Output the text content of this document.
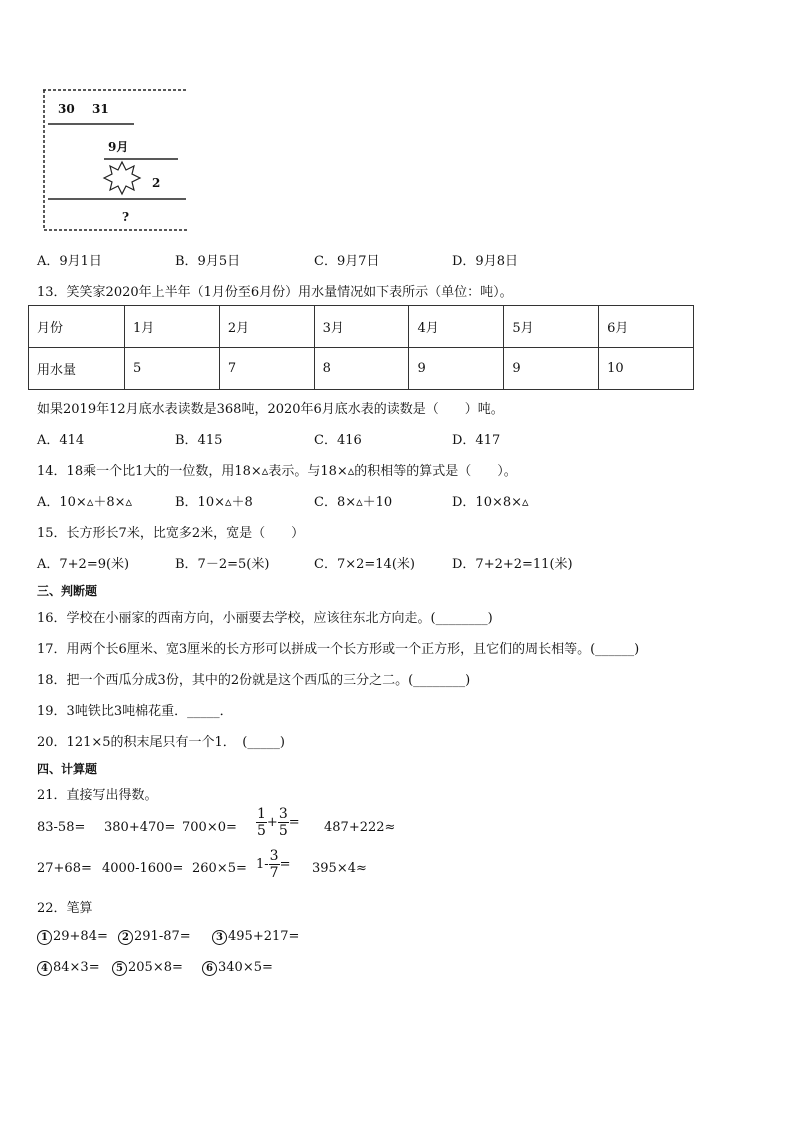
30 31
9月
2
?
A．9月1日	B．9月5日	C．9月7日	D．9月8日
13．笑笑家2020年上半年（1月份至6月份）用水量情况如下表所示（单位：吨）。
月份	1月	2月	3月	4月	5月	6月
用水量	5	7	8	9	9	10
如果2019年12月底水表读数是368吨，2020年6月底水表的读数是（　　）吨。
A．414	B．415	C．416	D．417
14．18乘一个比1大的一位数，用18×▵表示。与18×▵的积相等的算式是（　　）。
A．10×▵＋8×▵	B．10×▵＋8	C．8×▵＋10	D．10×8×▵
15．长方形长7米，比宽多2米，宽是（　　）
A．7+2=9(米)	B．7－2=5(米)	C．7×2=14(米)	D．7+2+2=11(米)
三、判断题
16．学校在小丽家的西南方向，小丽要去学校，应该往东北方向走。(________)
17．用两个长6厘米、宽3厘米的长方形可以拼成一个长方形或一个正方形，且它们的周长相等。(______)
18．把一个西瓜分成3份，其中的2份就是这个西瓜的三分之二。(________)
19．3吨铁比3吨棉花重．_____．
20．121×5的积末尾只有一个1．　(_____)
四、计算题
21．直接写出得数。
$83-58= 380+470= 700\times 0= \frac{1}{5} + \frac{3}{5} = 487+222\approx$
$27+68= 4000-1600= 260\times 5= 1- \frac{3}{7} = 395\times 4\approx$
22．笔算
1 29+84=	2 291-87=	3 495+217=
4 84×3=	5 205×8=	6 340×5=
